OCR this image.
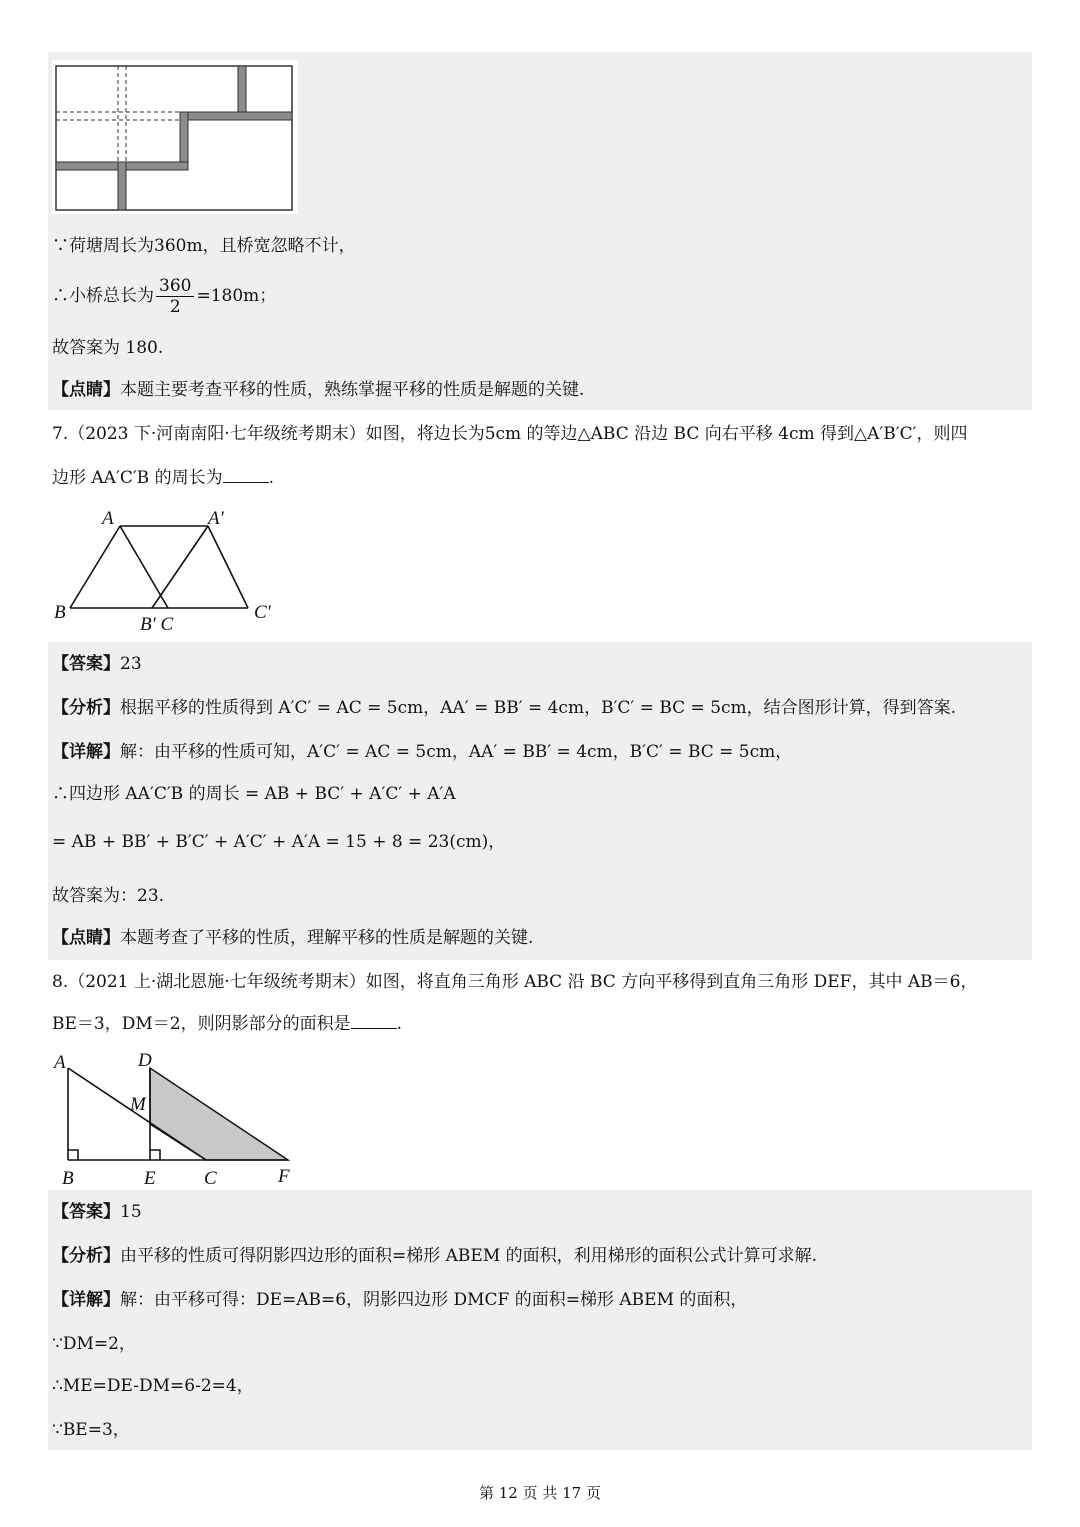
∵荷塘周长为360m，且桥宽忽略不计，
∴小桥总长为 $\frac{360}{2} =180m$；
故答案为 180.
【点睛】本题主要考查平移的性质，熟练掌握平移的性质是解题的关键.
7.（2023 下·河南南阳·七年级统考期末）如图，将边长为5cm 的等边△ABC 沿边 BC 向右平移 4cm 得到△A′B′C′，则四
边形 AA′C′B 的周长为	.
A	A′
B
B′ C
C′
【答案】23
【分析】根据平移的性质得到 A′C′ = AC = 5cm，AA′ = BB′ = 4cm，B′C′ = BC = 5cm，结合图形计算，得到答案.
【详解】解：由平移的性质可知，A′C′ = AC = 5cm，AA′ = BB′ = 4cm，B′C′ = BC = 5cm，
∴四边形 AA′C′B 的周长 = AB + BC′ + A′C′ + A′A
= AB + BB′ + B′C′ + A′C′ + A′A = 15 + 8 = 23(cm)，
故答案为：23.
【点睛】本题考查了平移的性质，理解平移的性质是解题的关键.
8.（2021 上·湖北恩施·七年级统考期末）如图，将直角三角形 ABC 沿 BC 方向平移得到直角三角形 DEF，其中 AB＝6，
BE＝3，DM＝2，则阴影部分的面积是	.
A	D
M
B	E	C	F
【答案】15
【分析】由平移的性质可得阴影四边形的面积=梯形 ABEM 的面积，利用梯形的面积公式计算可求解.
【详解】解：由平移可得：DE=AB=6，阴影四边形 DMCF 的面积=梯形 ABEM 的面积，
∵DM=2，
∴ME=DE-DM=6-2=4，
∵BE=3，
第 12 页 共 17 页
